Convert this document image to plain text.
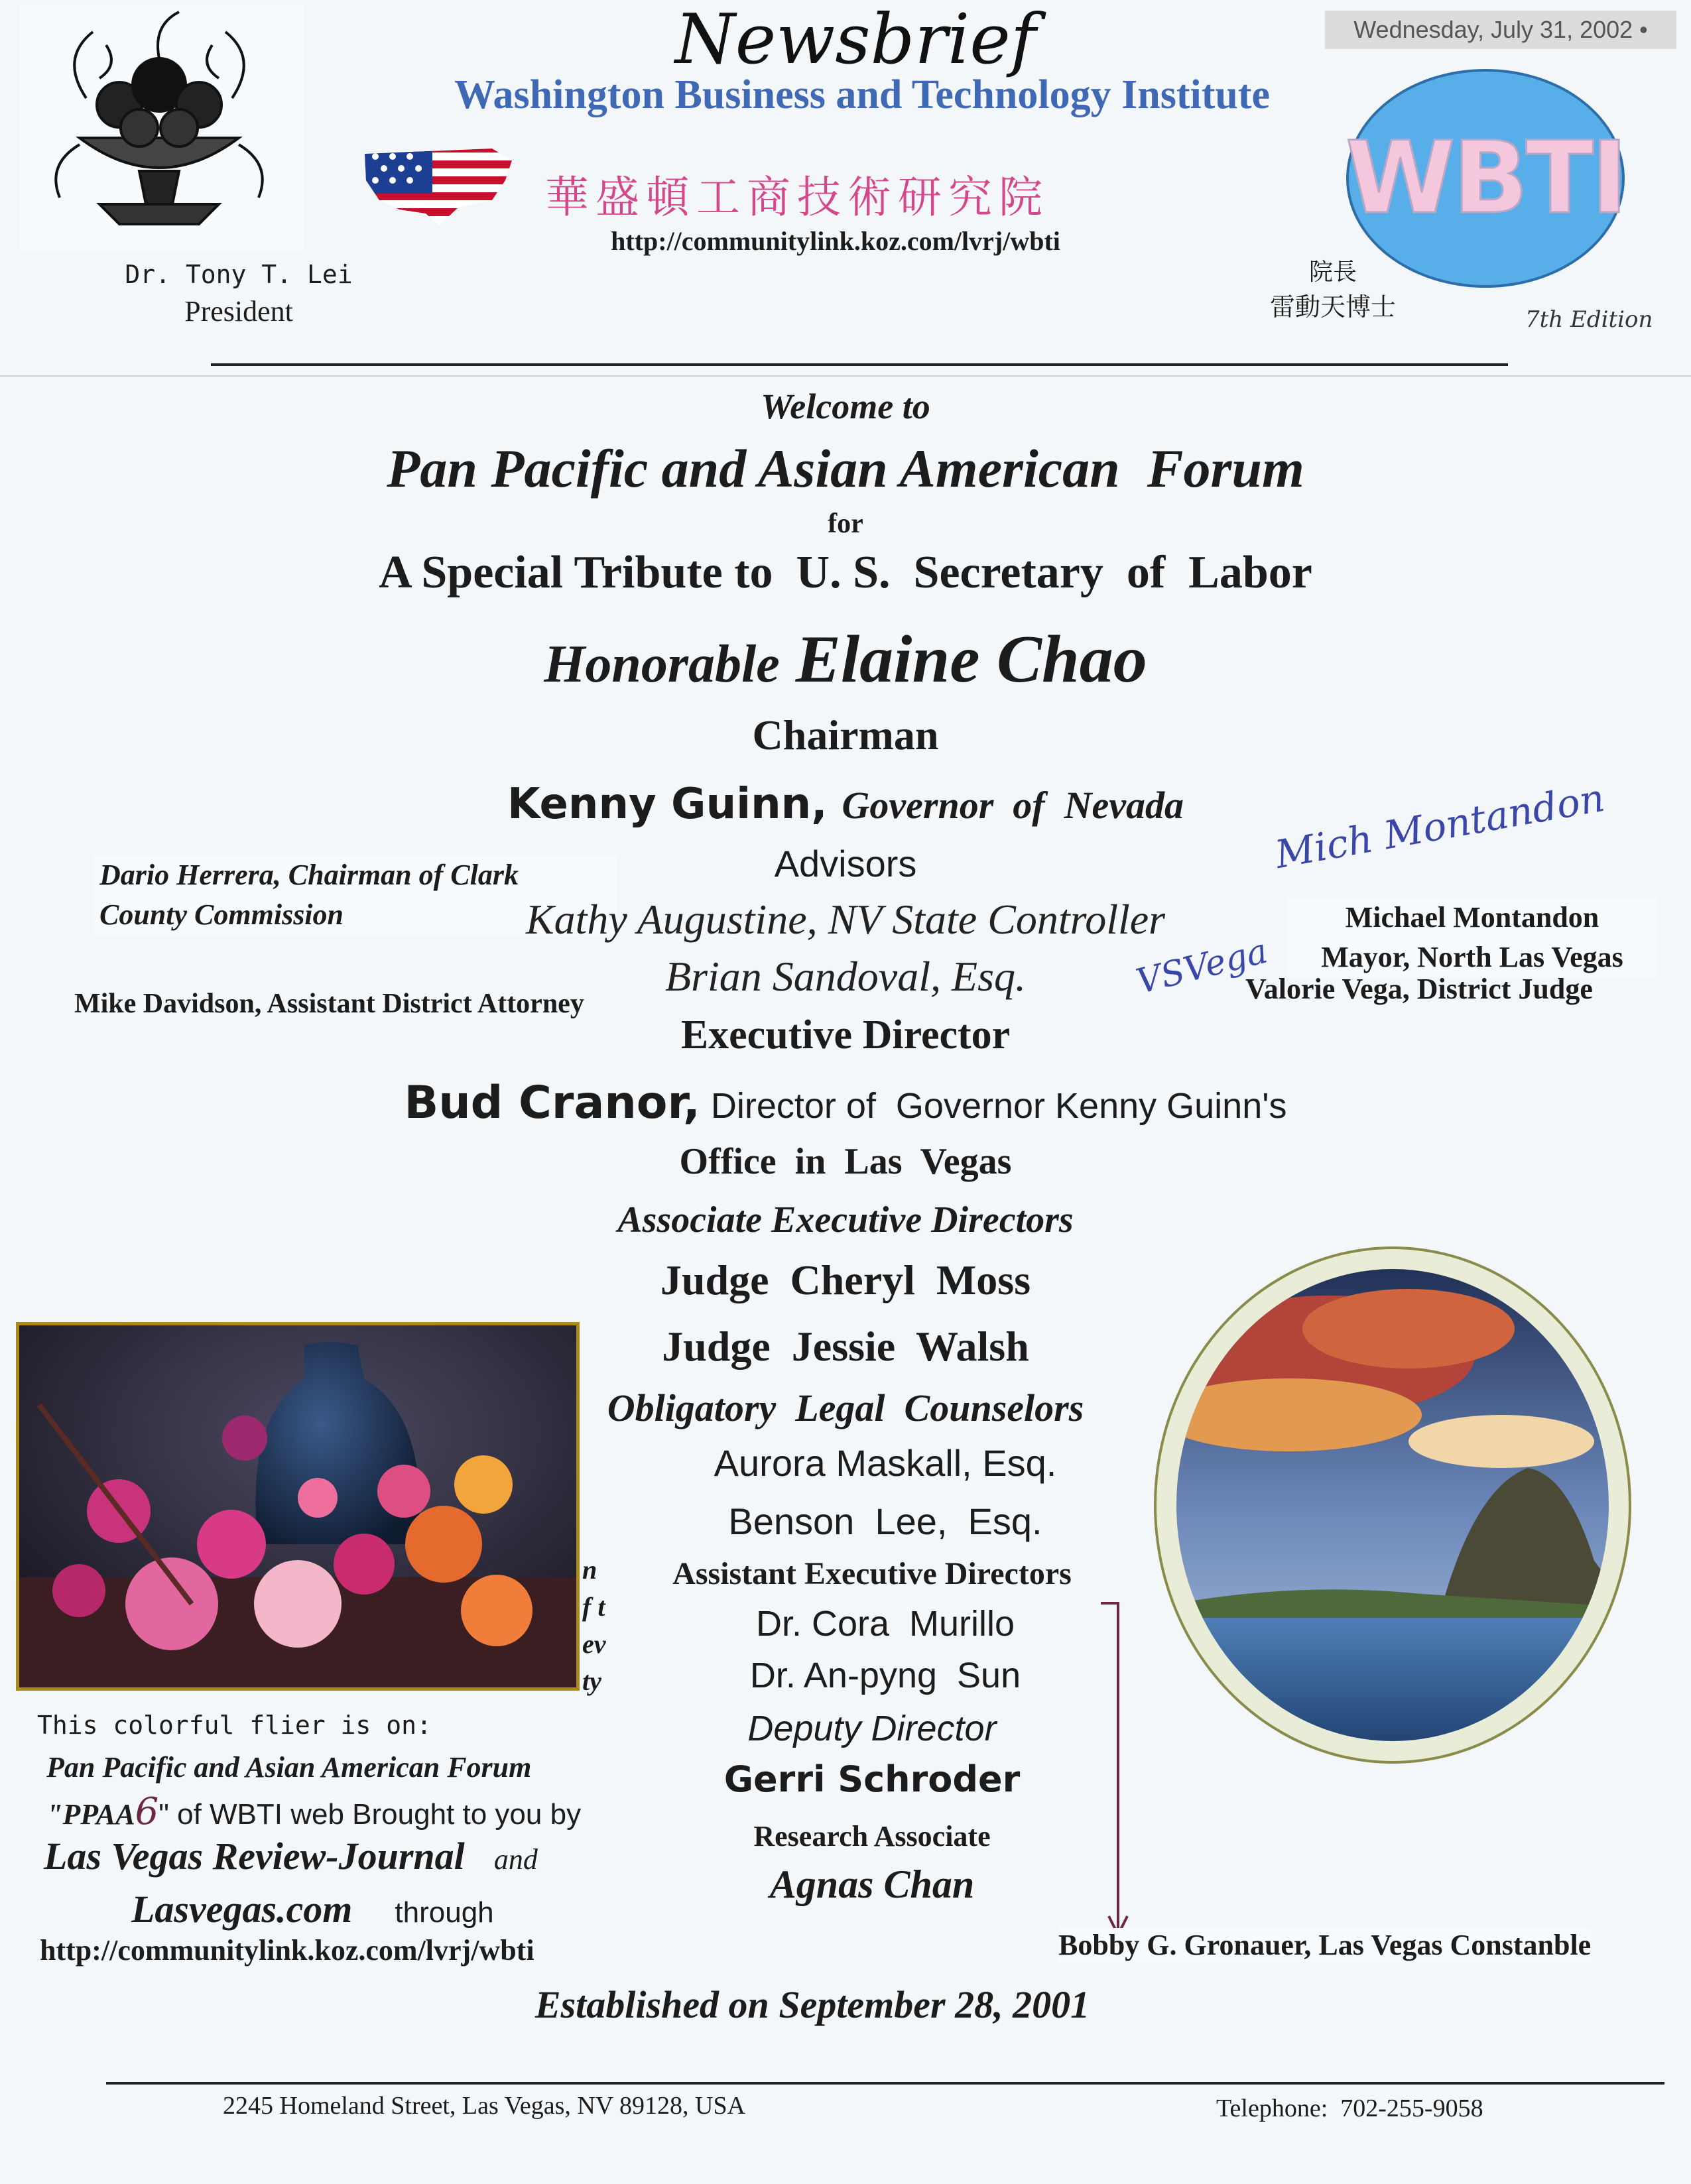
Dr. Tony T. Lei
President
Newsbrief
Washington Business and Technology Institute
華盛頓工商技術研究院
http://communitylink.koz.com/lvrj/wbti
Wednesday, July 31, 2002 •
WBTI
院長
雷動天博士	7th Edition
Welcome to
Pan Pacific and Asian American  Forum
for
A Special Tribute to  U. S.  Secretary  of  Labor
Honorable Elaine Chao
Chairman
Kenny Guinn, Governor  of  Nevada
Advisors
Dario Herrera, Chairman of Clark
County Commission	Kathy Augustine, NV State Controller
Brian Sandoval, Esq.
Mike Davidson, Assistant District Attorney
Mich Montandon
Michael Montandon
Mayor, North Las Vegas
VSVega
Valorie Vega, District Judge
Executive Director
Bud Cranor, Director of  Governor Kenny Guinn's
Office  in  Las  Vegas
Associate Executive Directors
Judge  Cheryl  Moss
Judge  Jessie  Walsh
Obligatory  Legal  Counselors
Aurora Maskall, Esq.
Benson  Lee,  Esq.
Assistant Executive Directors
Dr. Cora  Murillo
Dr. An-pyng  Sun
Deputy Director
Gerri Schroder
Research Associate
Agnas Chan
Bobby G. Gronauer, Las Vegas Constanble
n
f t
ev
ty
This colorful flier is on:
Pan Pacific and Asian American Forum
"PPAA6" of WBTI web Brought to you by
Las Vegas Review-Journal and
Lasvegas.com through
http://communitylink.koz.com/lvrj/wbti
Established on September 28, 2001
2245 Homeland Street, Las Vegas, NV 89128, USA	Telephone:  702-255-9058
